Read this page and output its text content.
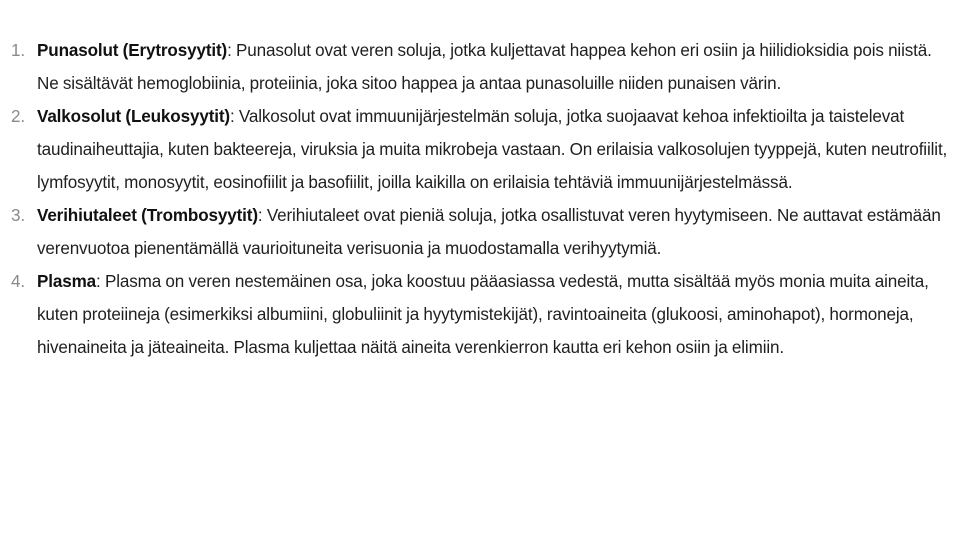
1. Punasolut (Erytrosyytit): Punasolut ovat veren soluja, jotka kuljettavat happea kehon eri osiin ja hiilidioksidia pois niistä. Ne sisältävät hemoglobiinia, proteiinia, joka sitoo happea ja antaa punasoluille niiden punaisen värin.
2. Valkosolut (Leukosyytit): Valkosolut ovat immuunijärjestelmän soluja, jotka suojaavat kehoa infektioilta ja taistelevat taudinaiheuttajia, kuten bakteereja, viruksia ja muita mikrobeja vastaan. On erilaisia valkosolujen tyyppejä, kuten neutrofiilit, lymfosyytit, monosyytit, eosinofiilit ja basofiilit, joilla kaikilla on erilaisia tehtäviä immuunijärjestelmässä.
3. Verihiutaleet (Trombosyytit): Verihiutaleet ovat pieniä soluja, jotka osallistuvat veren hyytymiseen. Ne auttavat estämään verenvuotoa pienentämällä vaurioituneita verisuonia ja muodostamalla verihyytymiä.
4. Plasma: Plasma on veren nestemäinen osa, joka koostuu pääasiassa vedestä, mutta sisältää myös monia muita aineita, kuten proteiineja (esimerkiksi albumiini, globuliinit ja hyytymistekijät), ravintoaineita (glukoosi, aminohapot), hormoneja, hivenaineita ja jäteaineita. Plasma kuljettaa näitä aineita verenkierron kautta eri kehon osiin ja elimiin.
